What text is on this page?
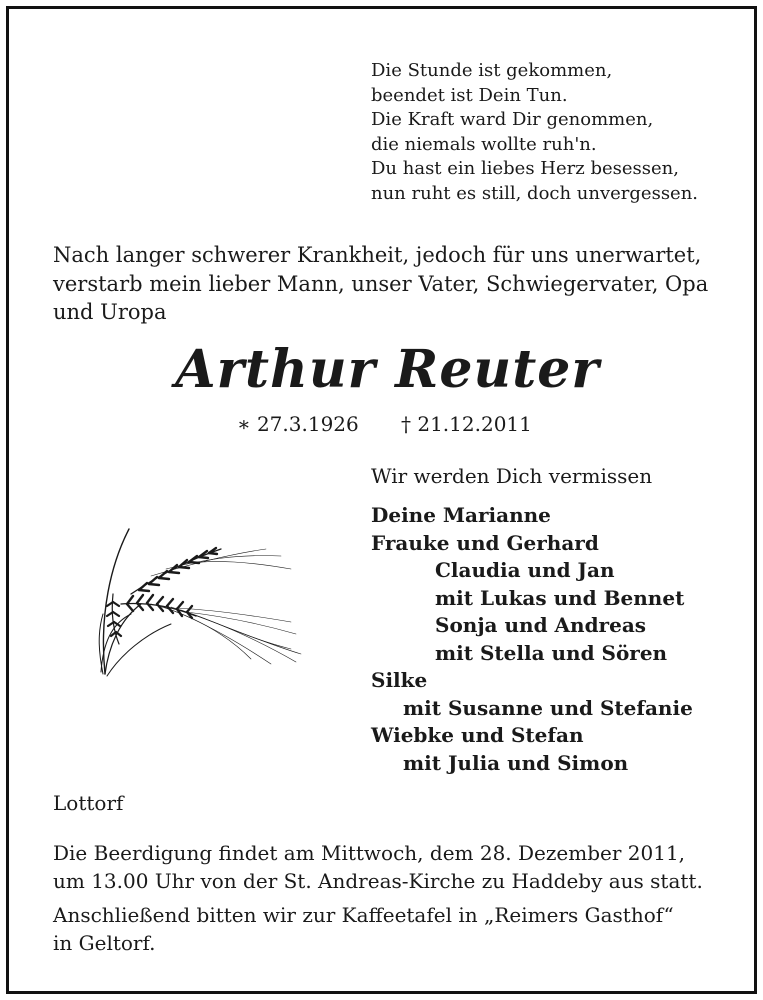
Die Stunde ist gekommen,
beendet ist Dein Tun.
Die Kraft ward Dir genommen,
die niemals wollte ruh'n.
Du hast ein liebes Herz besessen,
nun ruht es still, doch unvergessen.
Nach langer schwerer Krankheit, jedoch für uns unerwartet,
verstarb mein lieber Mann, unser Vater, Schwiegervater, Opa
und Uropa
Arthur Reuter
∗ 27.3.1926 † 21.12.2011
Wir werden Dich vermissen
Deine Marianne
Frauke und Gerhard
Claudia und Jan
mit Lukas und Bennet
Sonja und Andreas
mit Stella und Sören
Silke
mit Susanne und Stefanie
Wiebke und Stefan
mit Julia und Simon
Lottorf
Die Beerdigung findet am Mittwoch, dem 28. Dezember 2011,
um 13.00 Uhr von der St. Andreas-Kirche zu Haddeby aus statt.
Anschließend bitten wir zur Kaffeetafel in „Reimers Gasthof“
in Geltorf.
